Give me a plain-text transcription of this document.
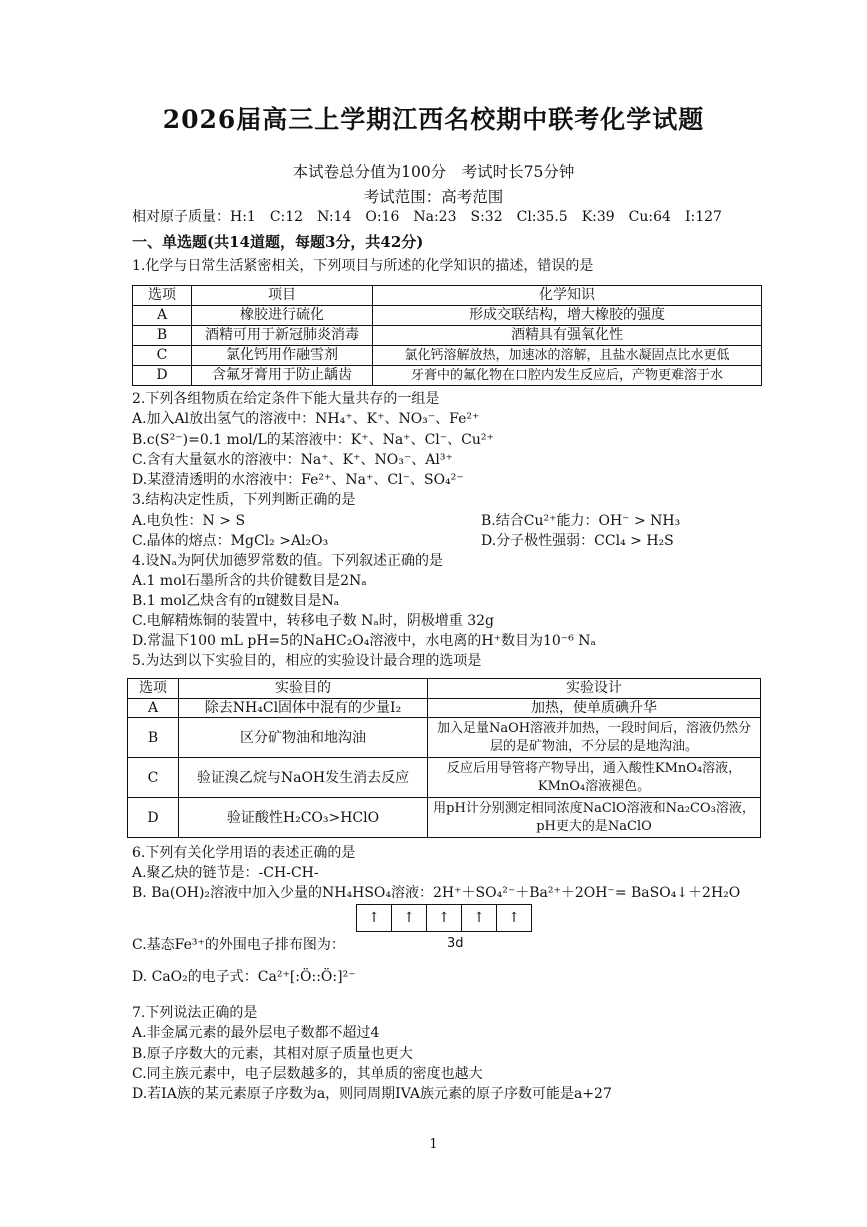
2026届高三上学期江西名校期中联考化学试题
本试卷总分值为100分　考试时长75分钟
考试范围：高考范围
相对原子质量：H:1　C:12　N:14　O:16　Na:23　S:32　Cl:35.5　K:39　Cu:64　I:127
一、单选题(共14道题，每题3分，共42分)
1.化学与日常生活紧密相关，下列项目与所述的化学知识的描述，错误的是
选项	项目	化学知识
A	橡胶进行硫化	形成交联结构，增大橡胶的强度
B	酒精可用于新冠肺炎消毒	酒精具有强氧化性
C	氯化钙用作融雪剂	氯化钙溶解放热，加速冰的溶解，且盐水凝固点比水更低
D	含氟牙膏用于防止龋齿	牙膏中的氟化物在口腔内发生反应后，产物更难溶于水
2.下列各组物质在给定条件下能大量共存的一组是
A.加入Al放出氢气的溶液中：NH₄⁺、K⁺、NO₃⁻、Fe²⁺
B.c(S²⁻)=0.1 mol/L的某溶液中：K⁺、Na⁺、Cl⁻、Cu²⁺
C.含有大量氨水的溶液中：Na⁺、K⁺、NO₃⁻、Al³⁺
D.某澄清透明的水溶液中：Fe²⁺、Na⁺、Cl⁻、SO₄²⁻
3.结构决定性质，下列判断正确的是
A.电负性：N > S	B.结合Cu²⁺能力：OH⁻ > NH₃
C.晶体的熔点：MgCl₂ >Al₂O₃	D.分子极性强弱：CCl₄ > H₂S
4.设Nₐ为阿伏加德罗常数的值。下列叙述正确的是
A.1 mol石墨所含的共价键数目是2Nₐ
B.1 mol乙炔含有的π键数目是Nₐ
C.电解精炼铜的装置中，转移电子数 Nₐ时，阴极增重 32g
D.常温下100 mL pH=5的NaHC₂O₄溶液中，水电离的H⁺数目为10⁻⁶ Nₐ
5.为达到以下实验目的，相应的实验设计最合理的选项是
选项	实验目的	实验设计
A	除去NH₄Cl固体中混有的少量I₂	加热，使单质碘升华
B	区分矿物油和地沟油	加入足量NaOH溶液并加热，一段时间后，溶液仍然分层的是矿物油，不分层的是地沟油。
C	验证溴乙烷与NaOH发生消去反应	反应后用导管将产物导出，通入酸性KMnO₄溶液，KMnO₄溶液褪色。
D	验证酸性H₂CO₃>HClO	用pH计分别测定相同浓度NaClO溶液和Na₂CO₃溶液，pH更大的是NaClO
6.下列有关化学用语的表述正确的是
A.聚乙炔的链节是：-CH-CH-
B. Ba(OH)₂溶液中加入少量的NH₄HSO₄溶液：2H⁺＋SO₄²⁻＋Ba²⁺＋2OH⁻= BaSO₄↓＋2H₂O
↑	↑	↑	↑	↑
3d
C.基态Fe³⁺的外围电子排布图为：
D. CaO₂的电子式：Ca²⁺[:Ö::Ö:]²⁻
7.下列说法正确的是
A.非金属元素的最外层电子数都不超过4
B.原子序数大的元素，其相对原子质量也更大
C.同主族元素中，电子层数越多的，其单质的密度也越大
D.若IA族的某元素原子序数为a，则同周期IVA族元素的原子序数可能是a+27
1
